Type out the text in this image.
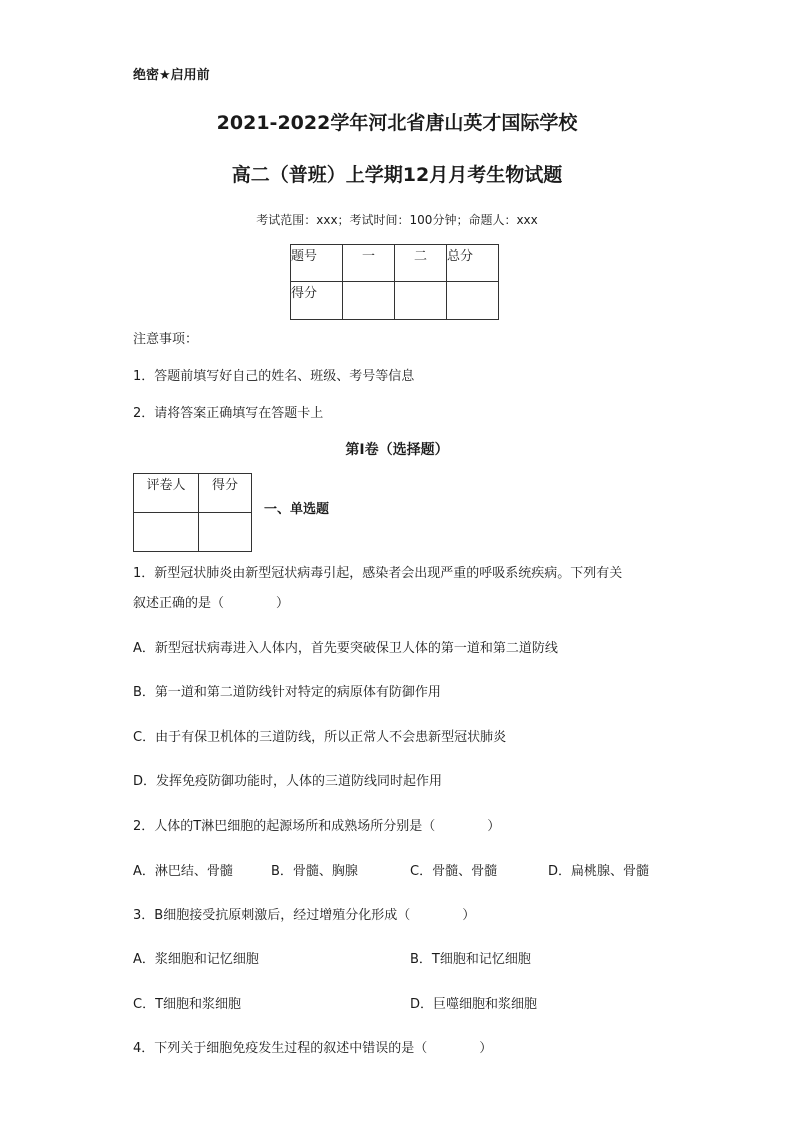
绝密★启用前
2021-2022学年河北省唐山英才国际学校
高二（普班）上学期12月月考生物试题
考试范围：xxx；考试时间：100分钟；命题人：xxx
题号	一	二	总分
得分			
注意事项：
1．答题前填写好自己的姓名、班级、考号等信息
2．请将答案正确填写在答题卡上
第I卷（选择题）
评卷人	得分

一、单选题
1．新型冠状肺炎由新型冠状病毒引起，感染者会出现严重的呼吸系统疾病。下列有关
叙述正确的是（　　　　）
A．新型冠状病毒进入人体内，首先要突破保卫人体的第一道和第二道防线
B．第一道和第二道防线针对特定的病原体有防御作用
C．由于有保卫机体的三道防线，所以正常人不会患新型冠状肺炎
D．发挥免疫防御功能时，人体的三道防线同时起作用
2．人体的T淋巴细胞的起源场所和成熟场所分别是（　　　　）
A．淋巴结、骨髓	B．骨髓、胸腺	C．骨髓、骨髓	D．扁桃腺、骨髓
3．B细胞接受抗原刺激后，经过增殖分化形成（　　　　）
A．浆细胞和记忆细胞	B．T细胞和记忆细胞
C．T细胞和浆细胞	D．巨噬细胞和浆细胞
4．下列关于细胞免疫发生过程的叙述中错误的是（　　　　）
